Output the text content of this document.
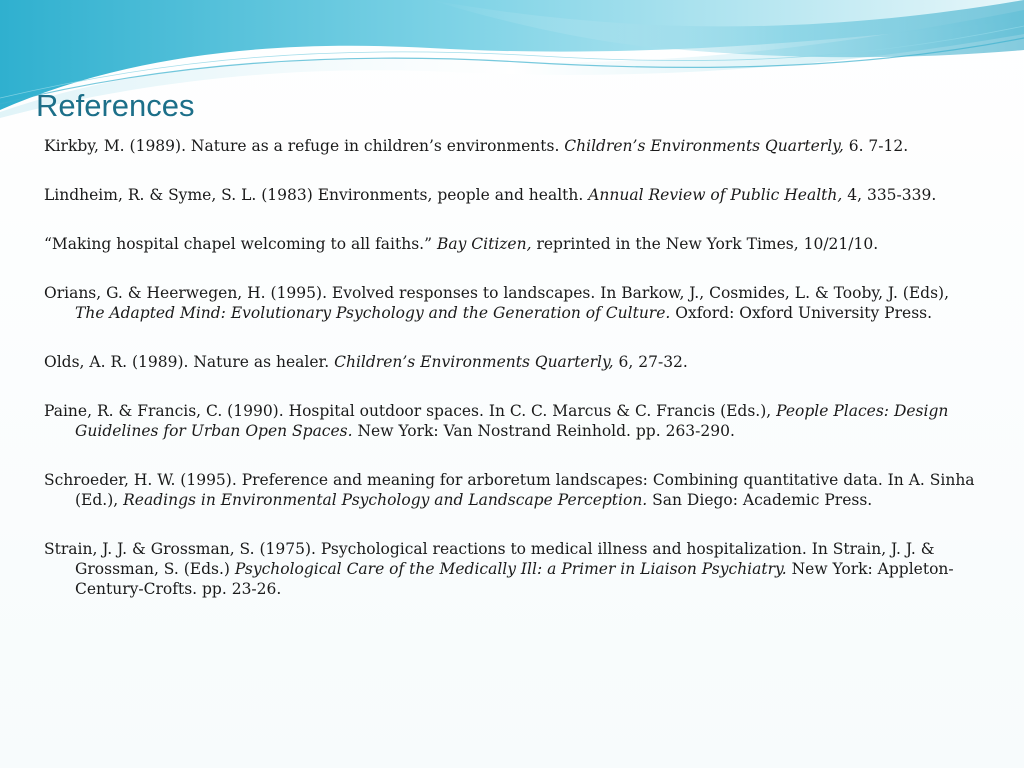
References
Kirkby, M. (1989). Nature as a refuge in children’s environments. Children’s Environments Quarterly, 6. 7-12.
Lindheim, R. & Syme, S. L. (1983) Environments, people and health. Annual Review of Public Health, 4, 335-339.
“Making hospital chapel welcoming to all faiths.” Bay Citizen, reprinted in the New York Times, 10/21/10.
Orians, G. & Heerwegen, H. (1995). Evolved responses to landscapes. In Barkow, J., Cosmides, L. & Tooby, J. (Eds), The Adapted Mind: Evolutionary Psychology and the Generation of Culture. Oxford: Oxford University Press.
Olds, A. R. (1989). Nature as healer. Children’s Environments Quarterly, 6, 27-32.
Paine, R. & Francis, C. (1990). Hospital outdoor spaces. In C. C. Marcus & C. Francis (Eds.), People Places: Design Guidelines for Urban Open Spaces. New York: Van Nostrand Reinhold. pp. 263-290.
Schroeder, H. W. (1995). Preference and meaning for arboretum landscapes: Combining quantitative data. In A. Sinha (Ed.), Readings in Environmental Psychology and Landscape Perception. San Diego: Academic Press.
Strain, J. J. & Grossman, S. (1975). Psychological reactions to medical illness and hospitalization. In Strain, J. J. & Grossman, S. (Eds.) Psychological Care of the Medically Ill: a Primer in Liaison Psychiatry. New York: Appleton-Century-Crofts. pp. 23-26.
